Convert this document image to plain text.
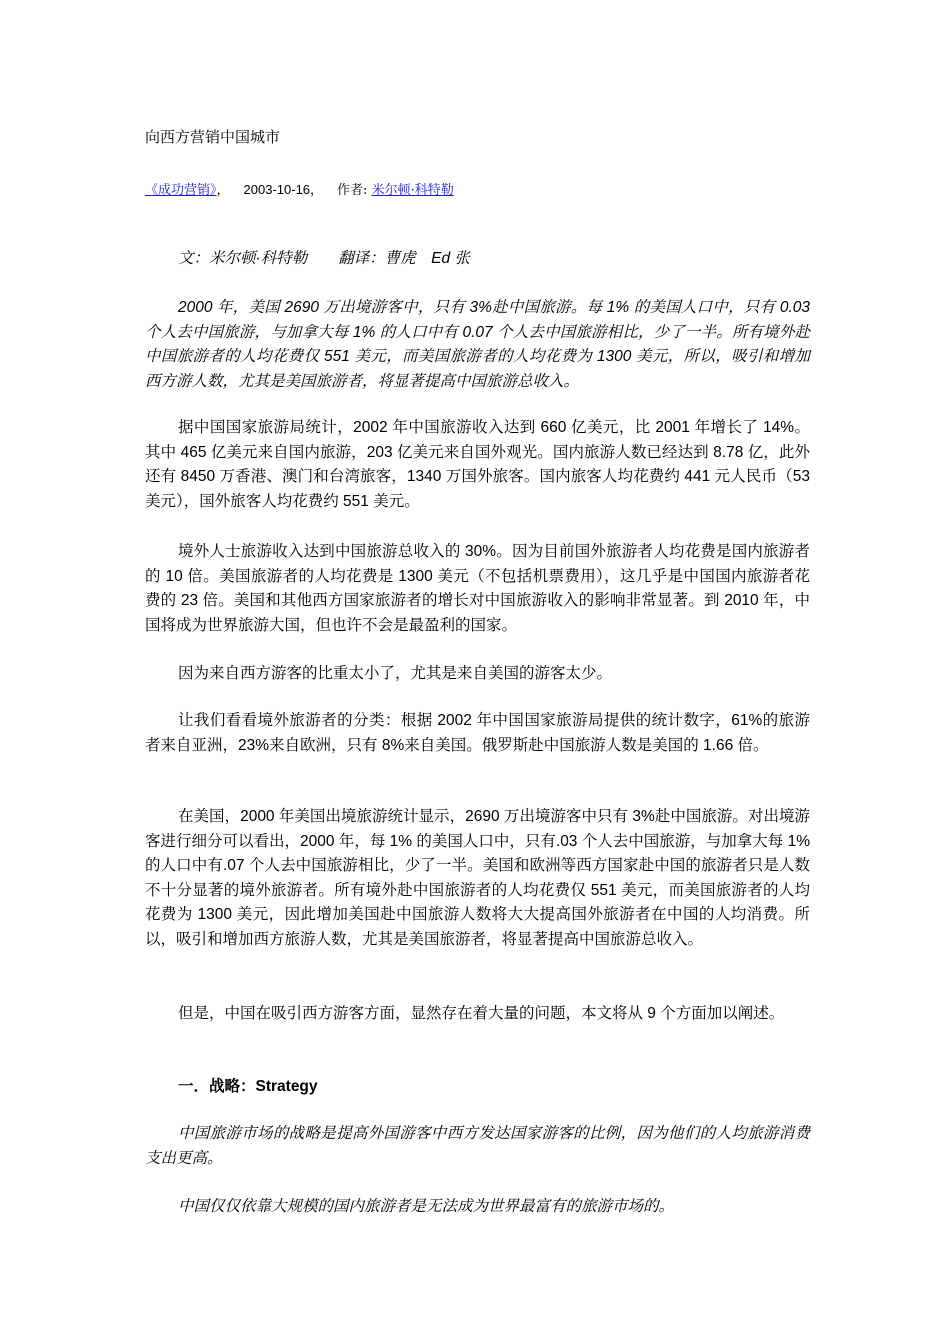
向西方营销中国城市
《成功营销》， 2003-10-16， 作者: 米尔顿·科特勒

文：米尔顿·科特勒　　翻译：曹虎　Ed 张

2000 年，美国 2690 万出境游客中，只有 3%赴中国旅游。每 1% 的美国人口中，只有 0.03 个人去中国旅游，与加拿大每 1% 的人口中有 0.07 个人去中国旅游相比，少了一半。所有境外赴中国旅游者的人均花费仅 551 美元，而美国旅游者的人均花费为 1300 美元，所以，吸引和增加西方游人数，尤其是美国旅游者，将显著提高中国旅游总收入。

据中国国家旅游局统计，2002 年中国旅游收入达到 660 亿美元，比 2001 年增长了 14%。其中 465 亿美元来自国内旅游，203 亿美元来自国外观光。国内旅游人数已经达到 8.78 亿，此外还有 8450 万香港、澳门和台湾旅客，1340 万国外旅客。国内旅客人均花费约 441 元人民币（53 美元），国外旅客人均花费约 551 美元。

境外人士旅游收入达到中国旅游总收入的 30%。因为目前国外旅游者人均花费是国内旅游者的 10 倍。美国旅游者的人均花费是 1300 美元（不包括机票费用），这几乎是中国国内旅游者花费的 23 倍。美国和其他西方国家旅游者的增长对中国旅游收入的影响非常显著。到 2010 年，中国将成为世界旅游大国，但也许不会是最盈利的国家。

因为来自西方游客的比重太小了，尤其是来自美国的游客太少。

让我们看看境外旅游者的分类：根据 2002 年中国国家旅游局提供的统计数字，61%的旅游者来自亚洲，23%来自欧洲，只有 8%来自美国。俄罗斯赴中国旅游人数是美国的 1.66 倍。

在美国，2000 年美国出境旅游统计显示，2690 万出境游客中只有 3%赴中国旅游。对出境游客进行细分可以看出，2000 年，每 1% 的美国人口中，只有.03 个人去中国旅游，与加拿大每 1% 的人口中有.07 个人去中国旅游相比，少了一半。美国和欧洲等西方国家赴中国的旅游者只是人数不十分显著的境外旅游者。所有境外赴中国旅游者的人均花费仅 551 美元，而美国旅游者的人均花费为 1300 美元，因此增加美国赴中国旅游人数将大大提高国外旅游者在中国的人均消费。所以，吸引和增加西方旅游人数，尤其是美国旅游者，将显著提高中国旅游总收入。

但是，中国在吸引西方游客方面，显然存在着大量的问题，本文将从 9 个方面加以阐述。

一．战略：Strategy

中国旅游市场的战略是提高外国游客中西方发达国家游客的比例，因为他们的人均旅游消费支出更高。

中国仅仅依靠大规模的国内旅游者是无法成为世界最富有的旅游市场的。
